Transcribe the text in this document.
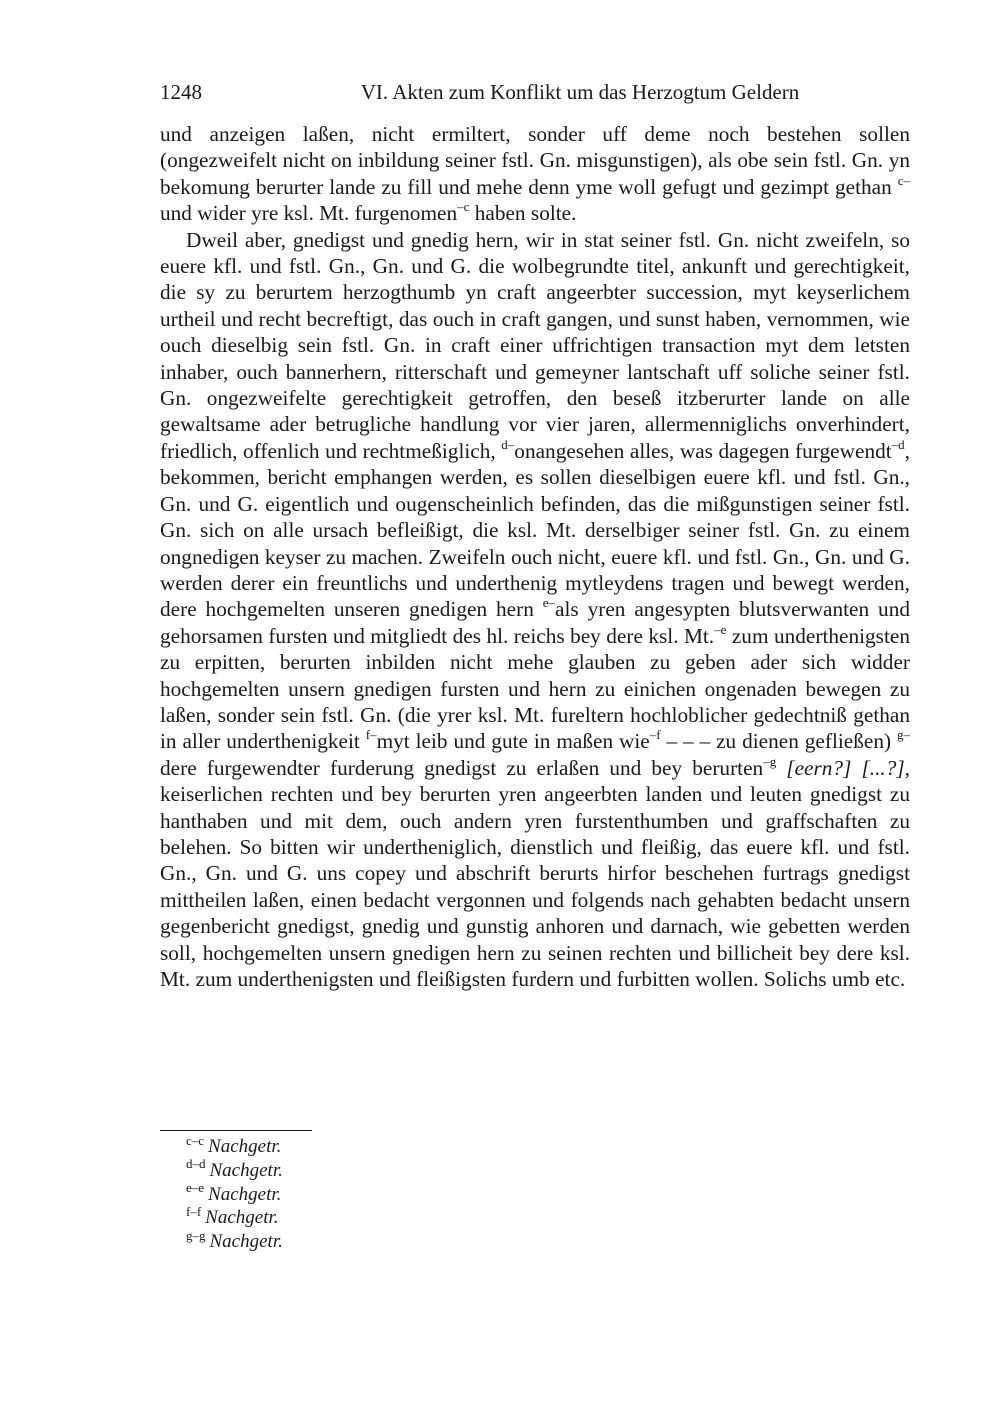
1248	VI. Akten zum Konflikt um das Herzogtum Geldern

und anzeigen laßen, nicht ermiltert, sonder uff deme noch bestehen sollen (ongezweifelt nicht on inbildung seiner fstl. Gn. misgunstigen), als obe sein fstl. Gn. yn bekomung berurter lande zu fill und mehe denn yme woll gefugt und gezimpt gethan $^{c-}$und wider yre ksl. Mt. furgenomen$^{-c}$ haben solte.

Dweil aber, gnedigst und gnedig hern, wir in stat seiner fstl. Gn. nicht zweifeln, so euere kfl. und fstl. Gn., Gn. und G. die wolbegrundte titel, ankunft und gerechtigkeit, die sy zu berurtem herzogthumb yn craft angeerbter succession, myt keyserlichem urtheil und recht becreftigt, das ouch in craft gangen, und sunst haben, vernommen, wie ouch dieselbig sein fstl. Gn. in craft einer uffrichtigen transaction myt dem letsten inhaber, ouch bannerhern, ritterschaft und gemeyner lantschaft uff soliche seiner fstl. Gn. ongezweifelte gerechtigkeit getroffen, den beseß itzberurter lande on alle gewaltsame ader betrugliche handlung vor vier jaren, allermenniglichs onverhindert, friedlich, offenlich und rechtmeßiglich, $^{d-}$onangesehen alles, was dagegen furgewendt$^{-d}$, bekommen, bericht emphangen werden, es sollen dieselbigen euere kfl. und fstl. Gn., Gn. und G. eigentlich und ougenscheinlich befinden, das die mißgunstigen seiner fstl. Gn. sich on alle ursach befleißigt, die ksl. Mt. derselbiger seiner fstl. Gn. zu einem ongnedigen keyser zu machen. Zweifeln ouch nicht, euere kfl. und fstl. Gn., Gn. und G. werden derer ein freuntlichs und underthenig mytleydens tragen und bewegt werden, dere hochgemelten unseren gnedigen hern $^{e-}$als yren angesypten blutsverwanten und gehorsamen fursten und mitgliedt des hl. reichs bey dere ksl. Mt.$^{-e}$ zum underthenigsten zu erpitten, berurten inbilden nicht mehe glauben zu geben ader sich widder hochgemelten unsern gnedigen fursten und hern zu einichen ongenaden bewegen zu laßen, sonder sein fstl. Gn. (die yrer ksl. Mt. fureltern hochloblicher gedechtniß gethan in aller underthenigkeit $^{f-}$myt leib und gute in maßen wie$^{-f}$ – – – zu dienen gefließen) $^{g-}$dere furgewendter furderung gnedigst zu erlaßen und bey berurten$^{-g}$ [eern?] [...?], keiserlichen rechten und bey berurten yren angeerbten landen und leuten gnedigst zu hanthaben und mit dem, ouch andern yren furstenthumben und graffschaften zu belehen. So bitten wir undertheniglich, dienstlich und fleißig, das euere kfl. und fstl. Gn., Gn. und G. uns copey und abschrift berurts hirfor beschehen furtrags gnedigst mittheilen laßen, einen bedacht vergonnen und folgends nach gehabten bedacht unsern gegenbericht gnedigst, gnedig und gunstig anhoren und darnach, wie gebetten werden soll, hochgemelten unsern gnedigen hern zu seinen rechten und billicheit bey dere ksl. Mt. zum underthenigsten und fleißigsten furdern und furbitten wollen. Solichs umb etc.

$^{c-c}$ Nachgetr.
$^{d-d}$ Nachgetr.
$^{e-e}$ Nachgetr.
$^{f-f}$ Nachgetr.
$^{g-g}$ Nachgetr.
